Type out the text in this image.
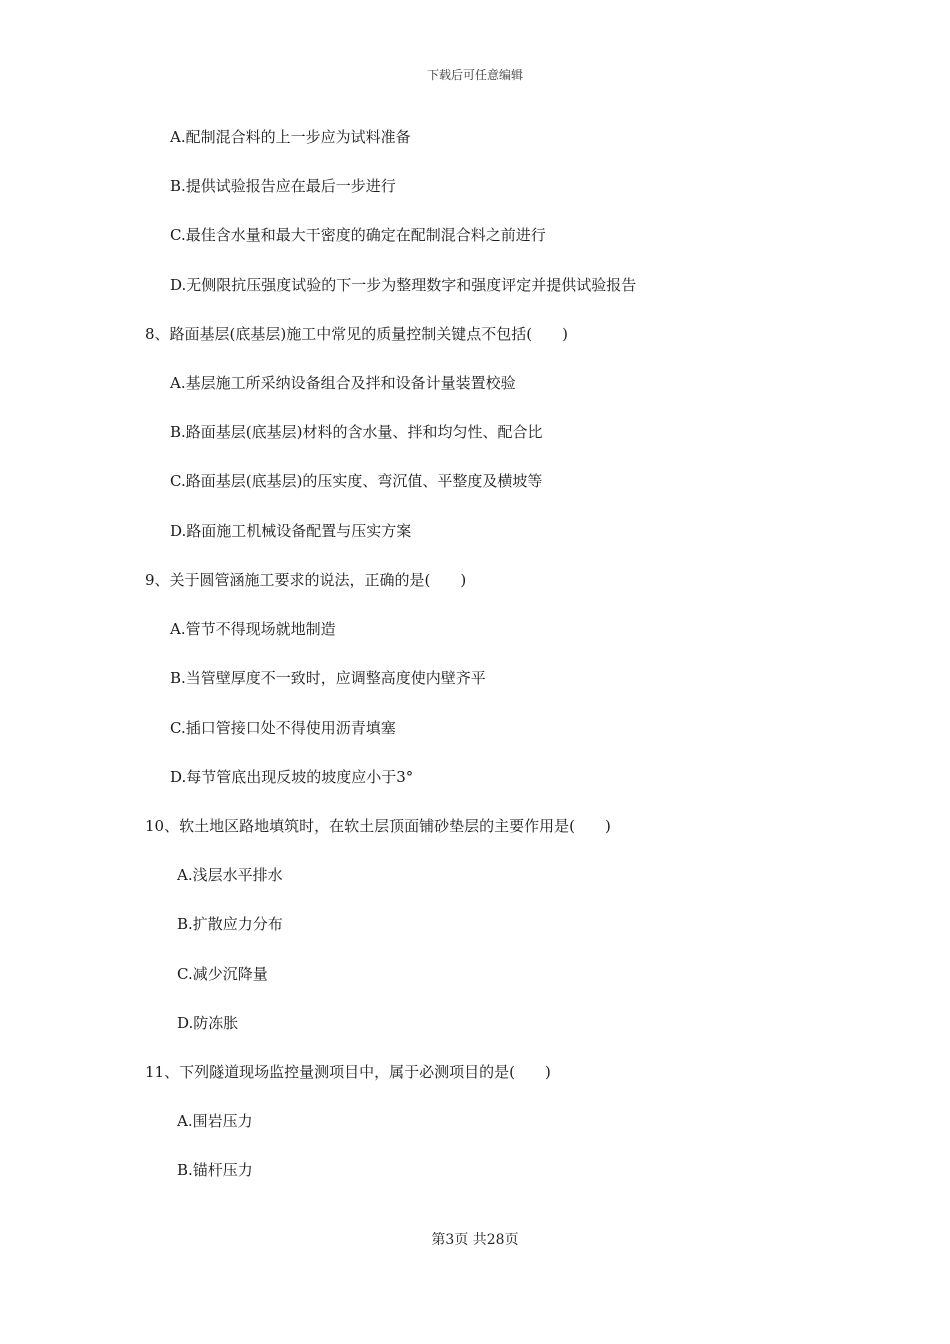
下载后可任意编辑
A.配制混合料的上一步应为试料准备
B.提供试验报告应在最后一步进行
C.最佳含水量和最大干密度的确定在配制混合料之前进行
D.无侧限抗压强度试验的下一步为整理数字和强度评定并提供试验报告
8、路面基层(底基层)施工中常见的质量控制关键点不包括(　　)
A.基层施工所采纳设备组合及拌和设备计量装置校验
B.路面基层(底基层)材料的含水量、拌和均匀性、配合比
C.路面基层(底基层)的压实度、弯沉值、平整度及横坡等
D.路面施工机械设备配置与压实方案
9、关于圆管涵施工要求的说法，正确的是(　　)
A.管节不得现场就地制造
B.当管壁厚度不一致时，应调整高度使内壁齐平
C.插口管接口处不得使用沥青填塞
D.每节管底出现反坡的坡度应小于3°
10、软土地区路地填筑时，在软土层顶面铺砂垫层的主要作用是(　　)
A.浅层水平排水
B.扩散应力分布
C.减少沉降量
D.防冻胀
11、下列隧道现场监控量测项目中，属于必测项目的是(　　)
A.围岩压力
B.锚杆压力
第3页 共28页
